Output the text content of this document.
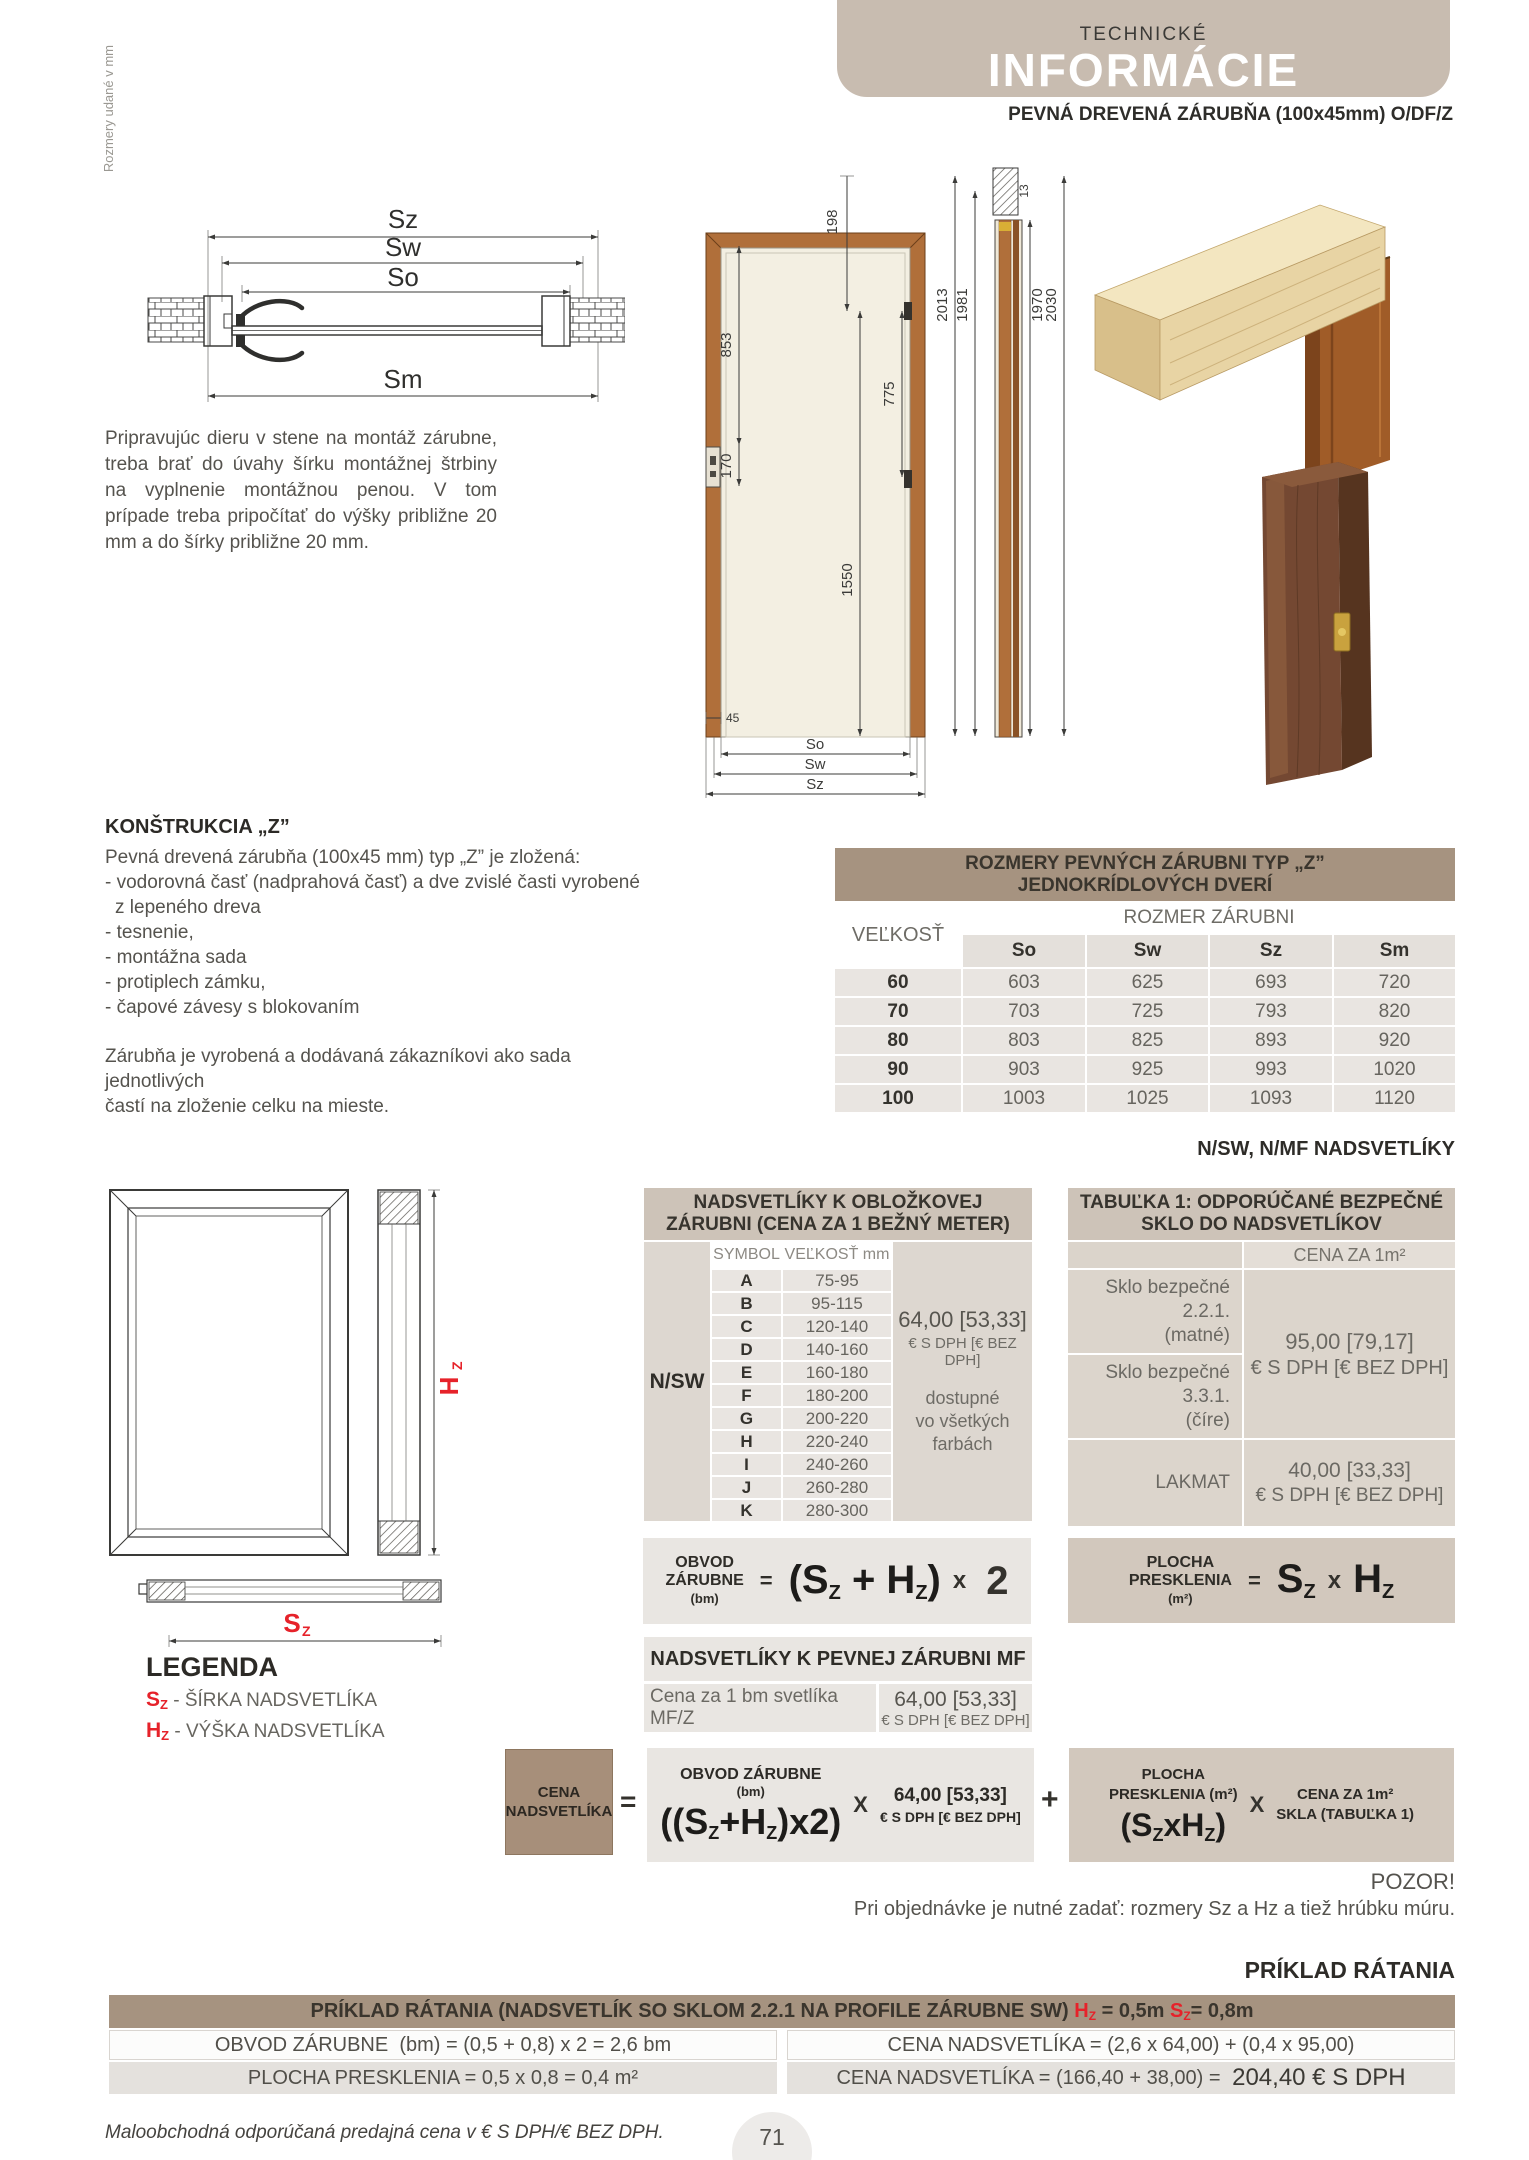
TECHNICKÉ
INFORMÁCIE
PEVNÁ DREVENÁ ZÁRUBŇA (100x45mm) O/DF/Z
Rozmery udané v mm
Sz
Sw
So
Sm
198
853
170
775
1550
45
So
Sw
Sz
13
2013 1981	1970
2030
Pripravujúc dieru v stene na montáž zárubne, treba brať do úvahy šírku montážnej štrbiny na vyplnenie montážnou penou. V tom prípade treba pripočítať do výšky približne 20 mm a do šírky približne 20 mm.
KONŠTRUKCIA „Z”
Pevná drevená zárubňa (100x45 mm) typ „Z” je zložená:
- vodorovná časť (nadprahová časť) a dve zvislé časti vyrobené
z lepeného dreva
- tesnenie,
- montážna sada
- protiplech zámku,
- čapové závesy s blokovaním
Zárubňa je vyrobená a dodávaná zákazníkovi ako sada jednotlivých
častí na zloženie celku na mieste.
ROZMERY PEVNÝCH ZÁRUBNI TYP „Z”
JEDNOKRÍDLOVÝCH DVERÍ
VEĽKOSŤ
ROZMER ZÁRUBNI
So	Sw	Sz	Sm
60	603	625	693	720
70	703	725	793	820
80	803	825	893	920
90	903	925	993	1020
100	1003	1025	1093	1120
N/SW, N/MF NADSVETLÍKY
H
Z
S Z
NADSVETLÍKY K OBLOŽKOVEJ
ZÁRUBNI (CENA ZA 1 BEŽNÝ METER)
N/SW
64,00 [53,33]
€ S DPH [€ BEZ DPH]
dostupné
vo všetkých
farbách
SYMBOL VEĽKOSŤ mm
A	75-95
B	95-115
C	120-140
D	140-160
E	160-180
F	180-200
G	200-220
H	220-240
I	240-260
J	260-280
K	280-300
TABUĽKA 1: ODPORÚČANÉ BEZPEČNÉ
SKLO DO NADSVETLÍKOV
CENA ZA 1m²
Sklo bezpečné 2.2.1.
(matné)	95,00 [79,17]
€ S DPH [€ BEZ DPH]
Sklo bezpečné 3.3.1.
(číre)
LAKMAT
40,00 [33,33]
€ S DPH [€ BEZ DPH]
OBVOD
ZÁRUBNE
(bm)
= (SZ + HZ) x 2	PLOCHA
PRESKLENIA
(m²)
= SZ x HZ
NADSVETLÍKY K PEVNEJ ZÁRUBNI MF
Cena za 1 bm svetlíka MF/Z
64,00 [53,33]
€ S DPH [€ BEZ DPH]
LEGENDA
SZ - ŠÍRKA NADSVETLÍKA
HZ - VÝŠKA NADSVETLÍKA
CENA
NADSVETLÍKA =
OBVOD ZÁRUBNE
(bm)
((SZ+HZ)x2) X	64,00 [53,33]
€ S DPH [€ BEZ DPH]
+
PLOCHA
PRESKLENIA (m²)
(SZxHZ)
X	CENA ZA 1m²
SKLA (TABUĽKA 1)
POZOR!
Pri objednávke je nutné zadať: rozmery Sz a Hz a tiež hrúbku múru.
PRÍKLAD RÁTANIA
PRÍKLAD RÁTANIA (NADSVETLÍK SO SKLOM 2.2.1 NA PROFILE ZÁRUBNE SW) HZ = 0,5m SZ = 0,8m
OBVOD ZÁRUBNE  (bm) = (0,5 + 0,8) x 2 = 2,6 bm	CENA NADSVETLÍKA = (2,6 x 64,00) + (0,4 x 95,00)
PLOCHA PRESKLENIA = 0,5 x 0,8 = 0,4 m²	CENA NADSVETLÍKA = (166,40 + 38,00) = 204,40 € S DPH
Maloobchodná odporúčaná predajná cena v € S DPH/€ BEZ DPH.	71
